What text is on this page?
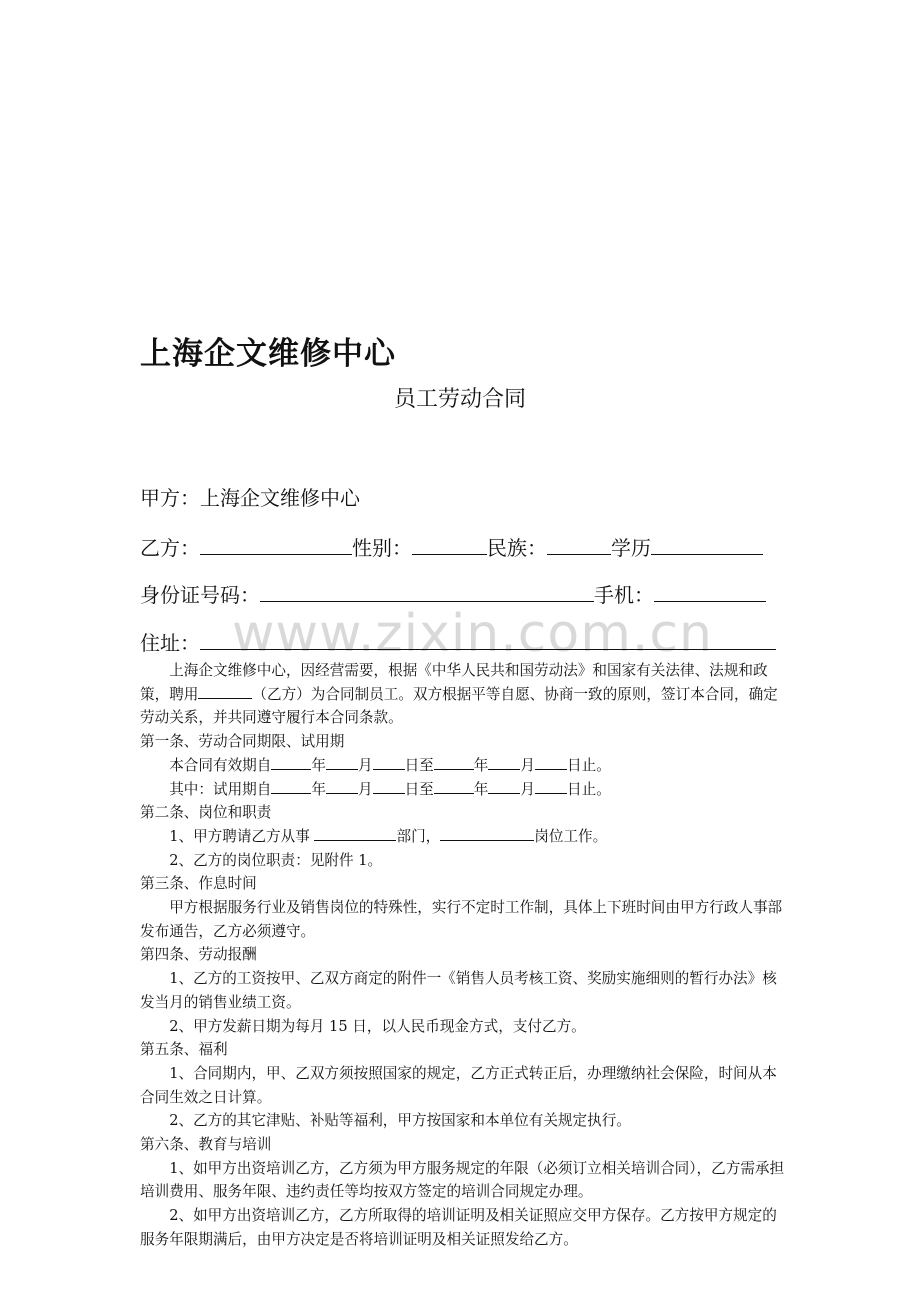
上海企文维修中心
员工劳动合同
甲方：上海企文维修中心
乙方：	性别：	民族：	学历
身份证号码：	手机：
www.zixin.com.cn
住址：

上海企文维修中心，因经营需要，根据《中华人民共和国劳动法》和国家有关法律、法规和政策，聘用	（乙方）为合同制员工。双方根据平等自愿、协商一致的原则，签订本合同，确定劳动关系，并共同遵守履行本合同条款。

第一条、劳动合同期限、试用期

本合同有效期自	年 月 日至	年 月 日止。

其中：试用期自	年 月 日至	年 月 日止。

第二条、岗位和职责

1、甲方聘请乙方从事	部门，	岗位工作。

2、乙方的岗位职责：见附件 1。

第三条、作息时间

甲方根据服务行业及销售岗位的特殊性，实行不定时工作制，具体上下班时间由甲方行政人事部发布通告，乙方必须遵守。

第四条、劳动报酬

1、乙方的工资按甲、乙双方商定的附件一《销售人员考核工资、奖励实施细则的暂行办法》核发当月的销售业绩工资。

2、甲方发薪日期为每月 15 日，以人民币现金方式，支付乙方。

第五条、福利

1、合同期内，甲、乙双方须按照国家的规定，乙方正式转正后，办理缴纳社会保险，时间从本合同生效之日计算。

2、乙方的其它津贴、补贴等福利，甲方按国家和本单位有关规定执行。

第六条、教育与培训

1、如甲方出资培训乙方，乙方须为甲方服务规定的年限（必须订立相关培训合同），乙方需承担培训费用、服务年限、违约责任等均按双方签定的培训合同规定办理。

2、如甲方出资培训乙方，乙方所取得的培训证明及相关证照应交甲方保存。乙方按甲方规定的服务年限期满后，由甲方决定是否将培训证明及相关证照发给乙方。
